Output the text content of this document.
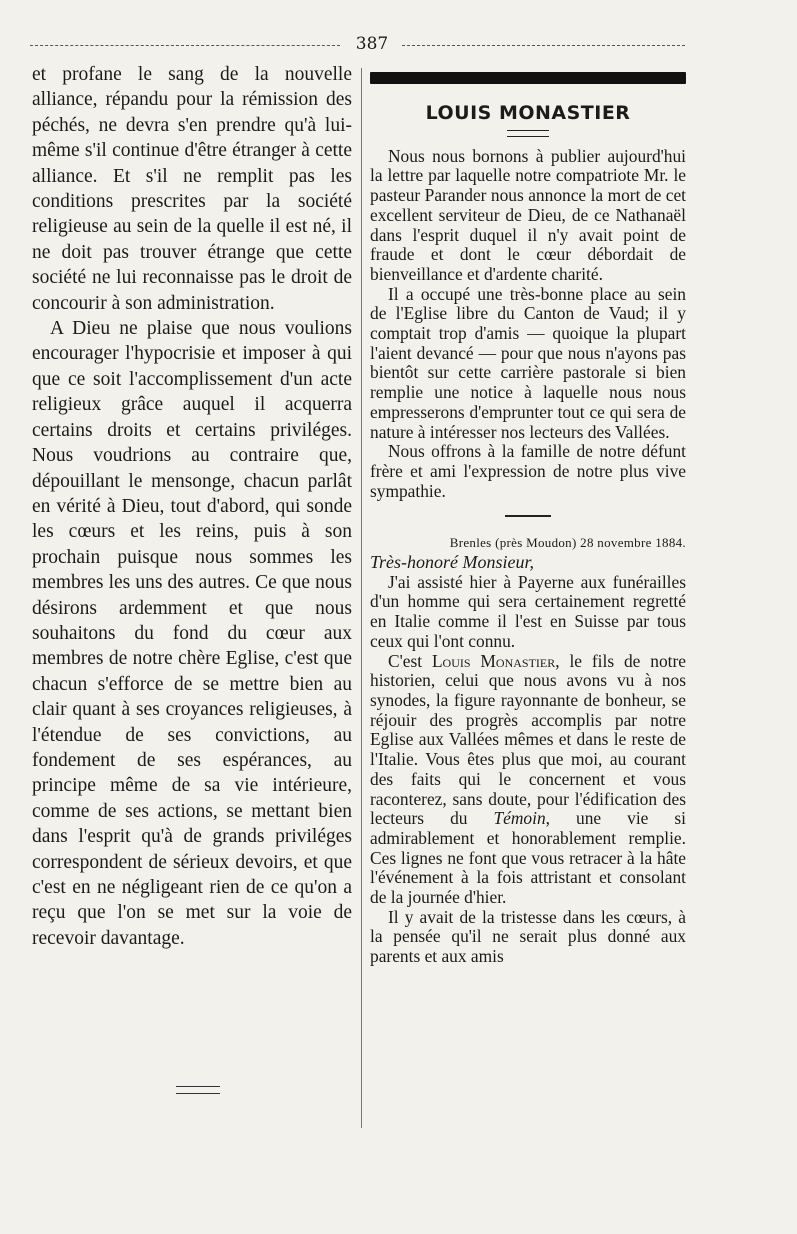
387

et profane le sang de la nouvelle alliance, répandu pour la rémission des péchés, ne devra s'en prendre qu'à lui-même s'il continue d'être étranger à cette alliance. Et s'il ne remplit pas les conditions prescrites par la société religieuse au sein de la quelle il est né, il ne doit pas trouver étrange que cette société ne lui reconnaisse pas le droit de concourir à son administration.

A Dieu ne plaise que nous voulions encourager l'hypocrisie et imposer à qui que ce soit l'accomplissement d'un acte religieux grâce auquel il acquerra certains droits et certains priviléges. Nous voudrions au contraire que, dépouillant le mensonge, chacun parlât en vérité à Dieu, tout d'abord, qui sonde les cœurs et les reins, puis à son prochain puisque nous sommes les membres les uns des autres. Ce que nous désirons ardemment et que nous souhaitons du fond du cœur aux membres de notre chère Eglise, c'est que chacun s'efforce de se mettre bien au clair quant à ses croyances religieuses, à l'étendue de ses convictions, au fondement de ses espérances, au principe même de sa vie intérieure, comme de ses actions, se mettant bien dans l'esprit qu'à de grands priviléges correspondent de sérieux devoirs, et que c'est en ne négligeant rien de ce qu'on a reçu que l'on se met sur la voie de recevoir davantage.

LOUIS MONASTIER

Nous nous bornons à publier aujourd'hui la lettre par laquelle notre compatriote Mr. le pasteur Parander nous annonce la mort de cet excellent serviteur de Dieu, de ce Nathanaël dans l'esprit duquel il n'y avait point de fraude et dont le cœur débordait de bienveillance et d'ardente charité.

Il a occupé une très-bonne place au sein de l'Eglise libre du Canton de Vaud; il y comptait trop d'amis — quoique la plupart l'aient devancé — pour que nous n'ayons pas bientôt sur cette carrière pastorale si bien remplie une notice à laquelle nous nous empresserons d'emprunter tout ce qui sera de nature à intéresser nos lecteurs des Vallées.

Nous offrons à la famille de notre défunt frère et ami l'expression de notre plus vive sympathie.

Brenles (près Moudon) 28 novembre 1884.

Très-honoré Monsieur,

J'ai assisté hier à Payerne aux funérailles d'un homme qui sera certainement regretté en Italie comme il l'est en Suisse par tous ceux qui l'ont connu.

C'est Louis Monastier, le fils de notre historien, celui que nous avons vu à nos synodes, la figure rayonnante de bonheur, se réjouir des progrès accomplis par notre Eglise aux Vallées mêmes et dans le reste de l'Italie. Vous êtes plus que moi, au courant des faits qui le concernent et vous raconterez, sans doute, pour l'édification des lecteurs du Témoin, une vie si admirablement et honorablement remplie. Ces lignes ne font que vous retracer à la hâte l'événement à la fois attristant et consolant de la journée d'hier.

Il y avait de la tristesse dans les cœurs, à la pensée qu'il ne serait plus donné aux parents et aux amis
